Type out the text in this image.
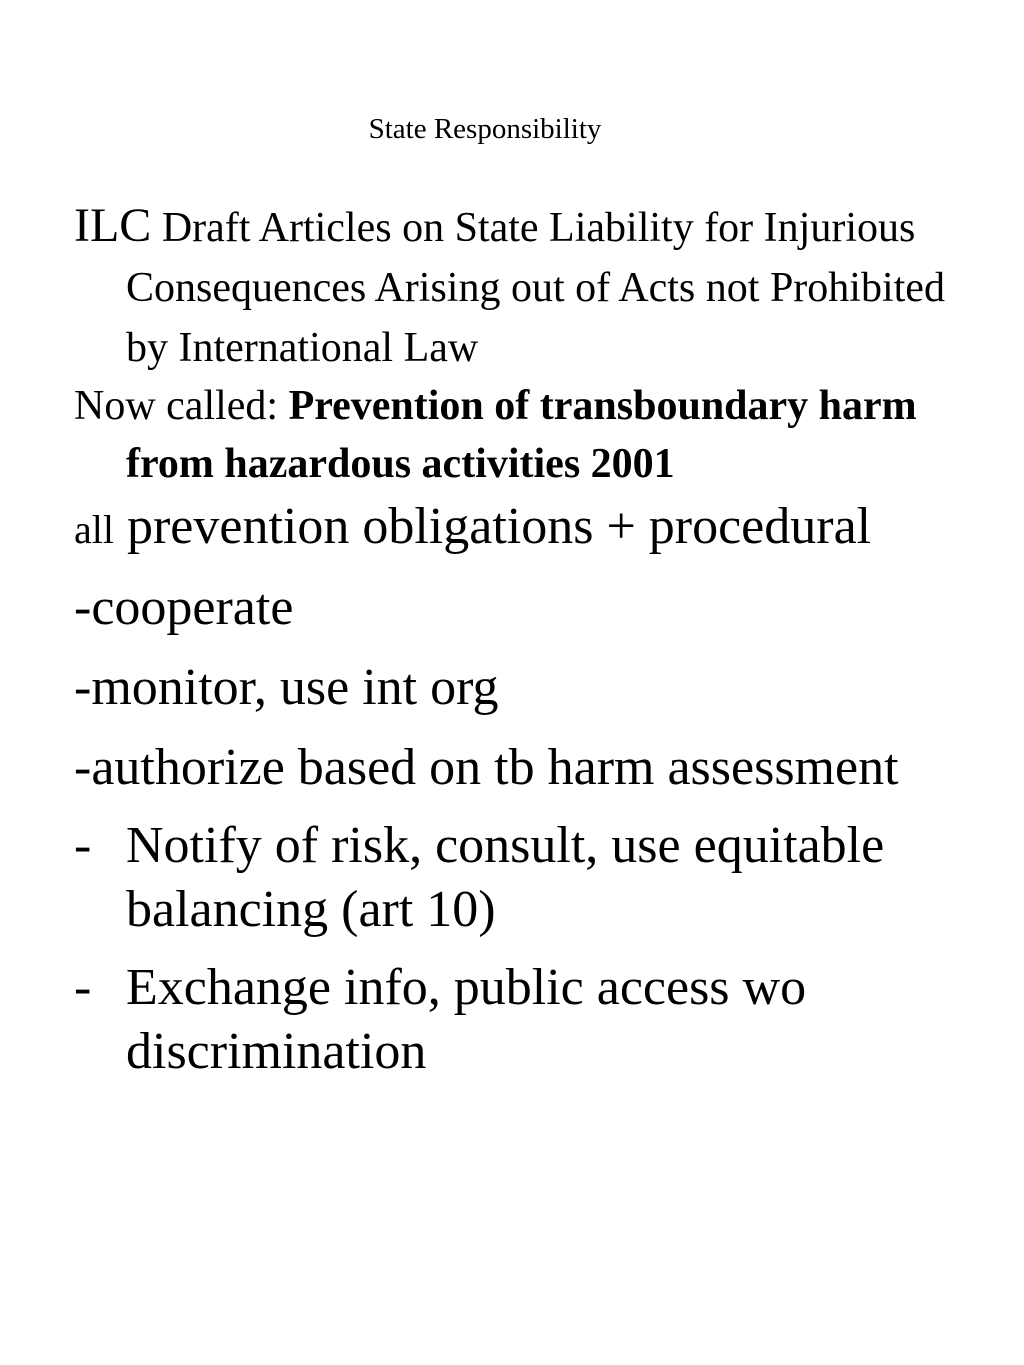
State Responsibility
ILC Draft Articles on State Liability for Injurious Consequences Arising out of Acts not Prohibited by International Law
Now called: Prevention of transboundary harm from hazardous activities 2001
all prevention obligations + procedural
-cooperate
-monitor, use int org
-authorize based on tb harm assessment
- Notify of risk, consult, use equitable balancing (art 10)
- Exchange info, public access wo discrimination
